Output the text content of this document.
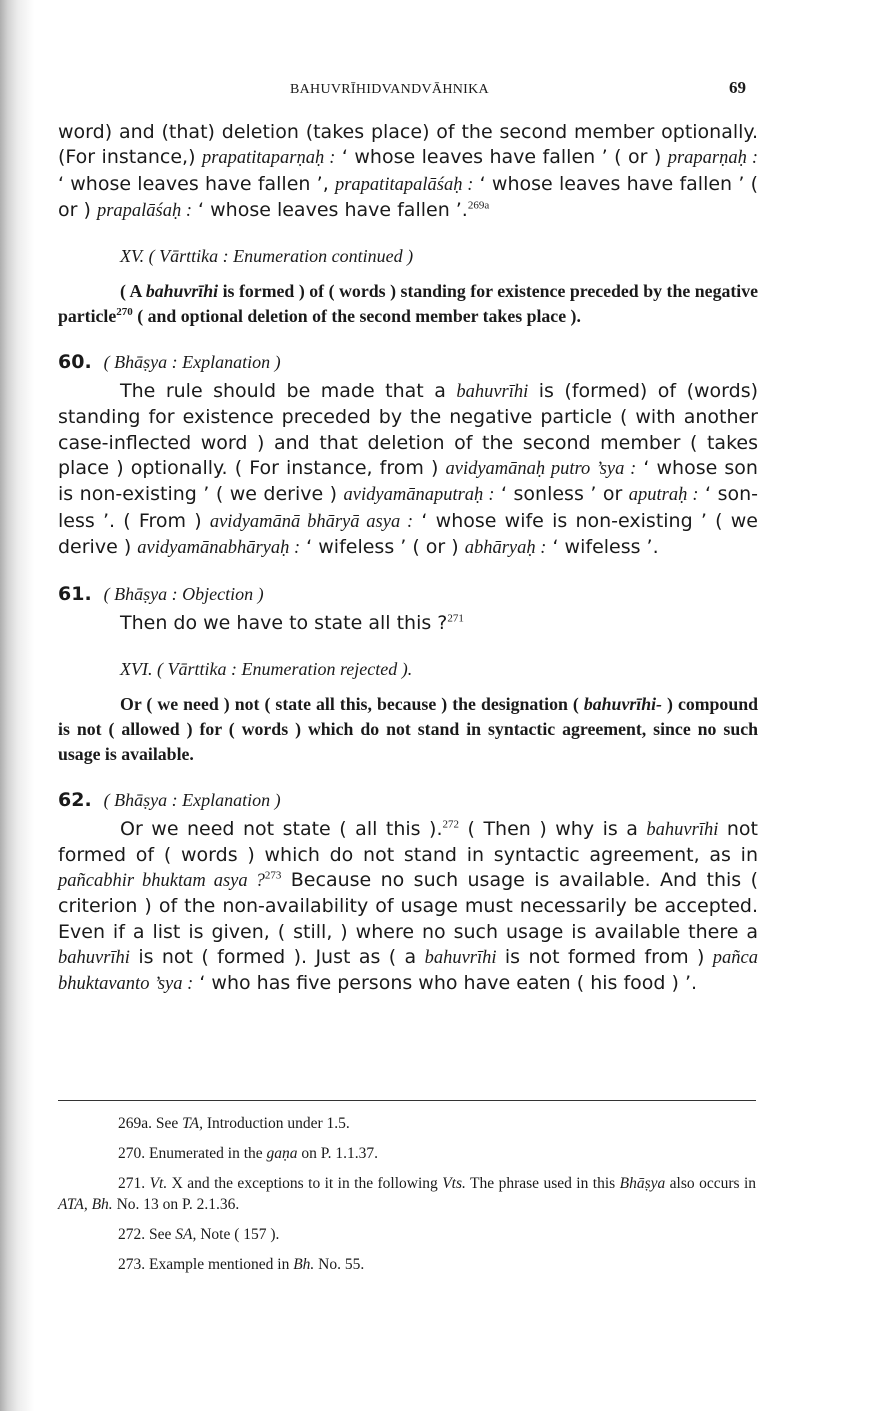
BAHUVRĪHIDVANDVĀHNIKA	69

word) and (that) deletion (takes place) of the second member optionally. (For instance,) prapatitaparṇaḥ : ‘ whose leaves have fallen ’ ( or ) praparṇaḥ : ‘ whose leaves have fallen ’, prapatitapalāśaḥ : ‘ whose leaves have fallen ’ ( or ) prapalāśaḥ : ‘ whose leaves have fallen ’.$^{269a}$

XV. ( Vārttika : Enumeration continued )

( A bahuvrīhi is formed ) of ( words ) standing for existence preceded by the negative particle$^{270}$ ( and optional deletion of the second member takes place ).

60. ( Bhāṣya : Explanation )

The rule should be made that a bahuvrīhi is (formed) of (words) standing for existence preceded by the negative particle ( with another case-inflected word ) and that deletion of the second member ( takes place ) optionally. ( For instance, from ) avidyamānaḥ putro ’sya : ‘ whose son is non-existing ’ ( we derive ) avidyamānaputraḥ : ‘ sonless ’ or aputraḥ : ‘ son-less ’. ( From ) avidyamānā bhāryā asya : ‘ whose wife is non-existing ’ ( we derive ) avidyamānabhāryaḥ : ‘ wifeless ’ ( or ) abhāryaḥ : ‘ wifeless ’.

61. ( Bhāṣya : Objection )

Then do we have to state all this ?$^{271}$

XVI. ( Vārttika : Enumeration rejected ).

Or ( we need ) not ( state all this, because ) the designation ( bahuvrīhi- ) compound is not ( allowed ) for ( words ) which do not stand in syntactic agreement, since no such usage is available.

62. ( Bhāṣya : Explanation )

Or we need not state ( all this ).$^{272}$ ( Then ) why is a bahuvrīhi not formed of ( words ) which do not stand in syntactic agreement, as in pañcabhir bhuktam asya ?$^{273}$ Because no such usage is available. And this ( criterion ) of the non-availability of usage must necessarily be accepted. Even if a list is given, ( still, ) where no such usage is available there a bahuvrīhi is not ( formed ). Just as ( a bahuvrīhi is not formed from ) pañca bhuktavanto ’sya : ‘ who has five persons who have eaten ( his food ) ’.

269a. See TA, Introduction under 1.5.

270. Enumerated in the gaṇa on P. 1.1.37.

271. Vt. X and the exceptions to it in the following Vts. The phrase used in this Bhāṣya also occurs in ATA, Bh. No. 13 on P. 2.1.36.

272. See SA, Note ( 157 ).

273. Example mentioned in Bh. No. 55.
